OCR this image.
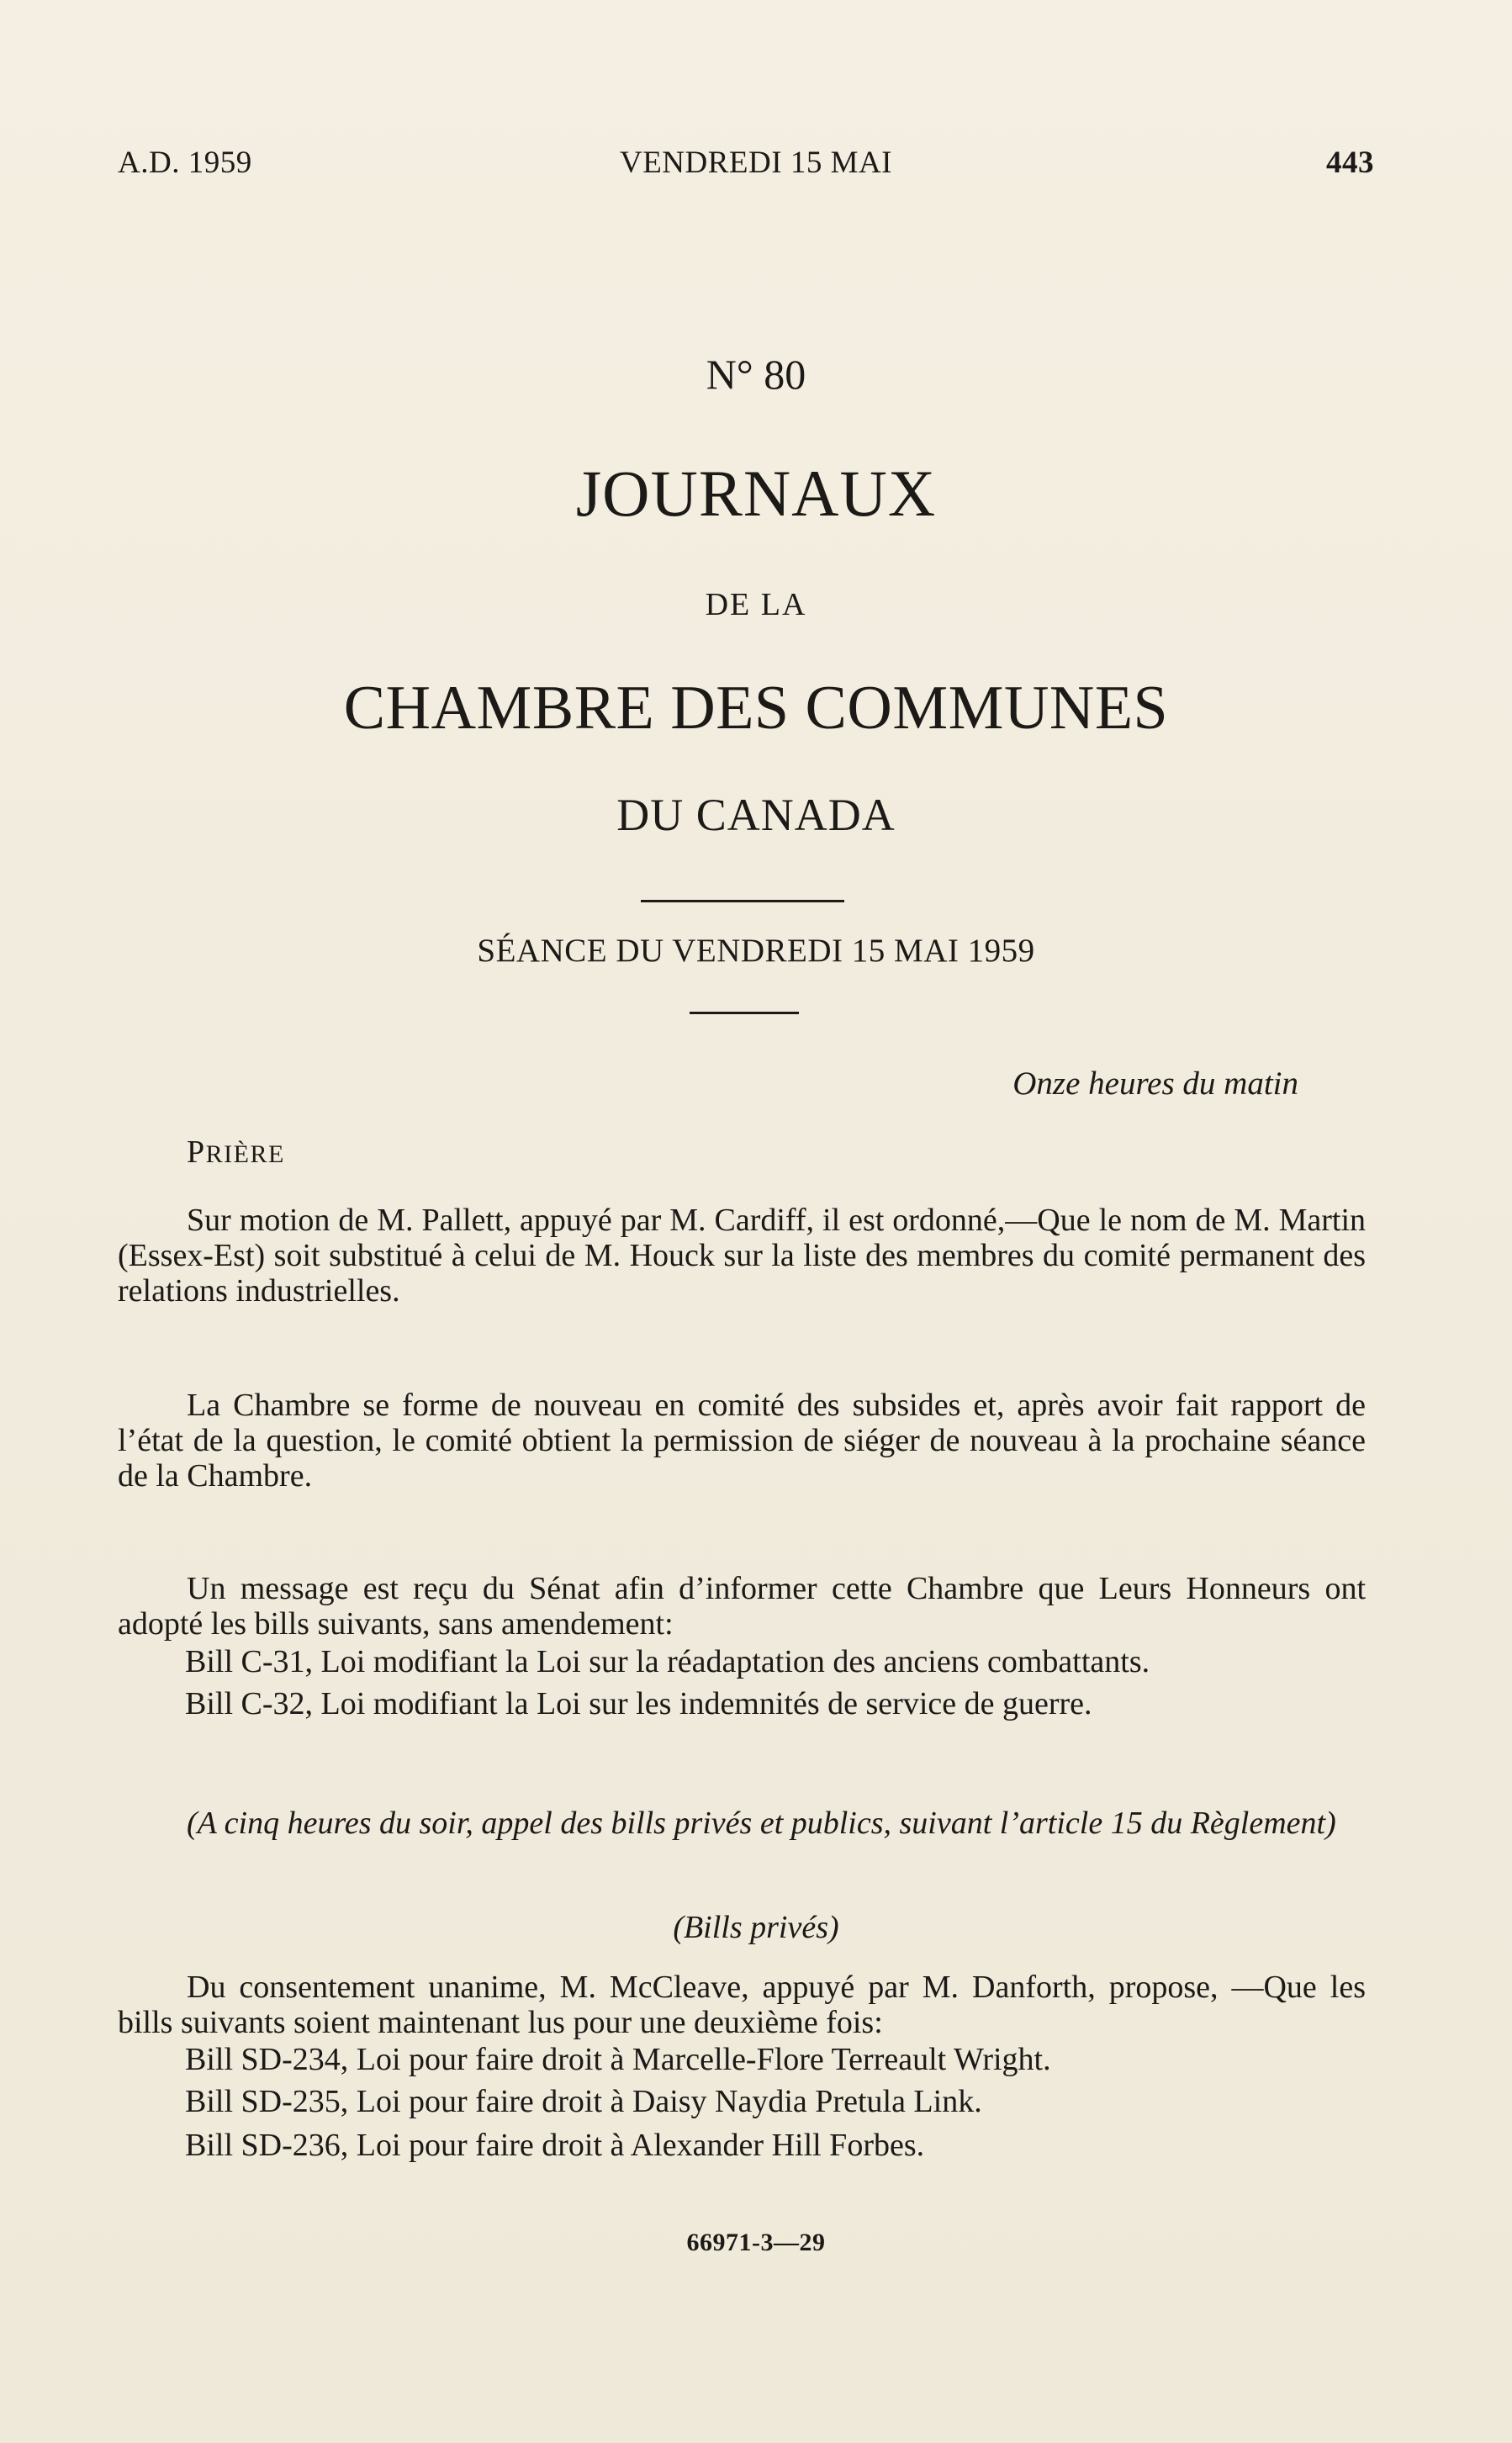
A.D. 1959	VENDREDI 15 MAI	443
N° 80
JOURNAUX
DE LA
CHAMBRE DES COMMUNES
DU CANADA
SÉANCE DU VENDREDI 15 MAI 1959
Onze heures du matin
PRIÈRE
Sur motion de M. Pallett, appuyé par M. Cardiff, il est ordonné,—Que le nom de M. Martin (Essex-Est) soit substitué à celui de M. Houck sur la liste des membres du comité permanent des relations industrielles.
La Chambre se forme de nouveau en comité des subsides et, après avoir fait rapport de l’état de la question, le comité obtient la permission de siéger de nouveau à la prochaine séance de la Chambre.
Un message est reçu du Sénat afin d’informer cette Chambre que Leurs Honneurs ont adopté les bills suivants, sans amendement:
Bill C-31, Loi modifiant la Loi sur la réadaptation des anciens combattants.
Bill C-32, Loi modifiant la Loi sur les indemnités de service de guerre.
(A cinq heures du soir, appel des bills privés et publics, suivant l’article 15 du Règlement)
(Bills privés)
Du consentement unanime, M. McCleave, appuyé par M. Danforth, propose, —Que les bills suivants soient maintenant lus pour une deuxième fois:
Bill SD-234, Loi pour faire droit à Marcelle-Flore Terreault Wright.
Bill SD-235, Loi pour faire droit à Daisy Naydia Pretula Link.
Bill SD-236, Loi pour faire droit à Alexander Hill Forbes.
66971-3—29
